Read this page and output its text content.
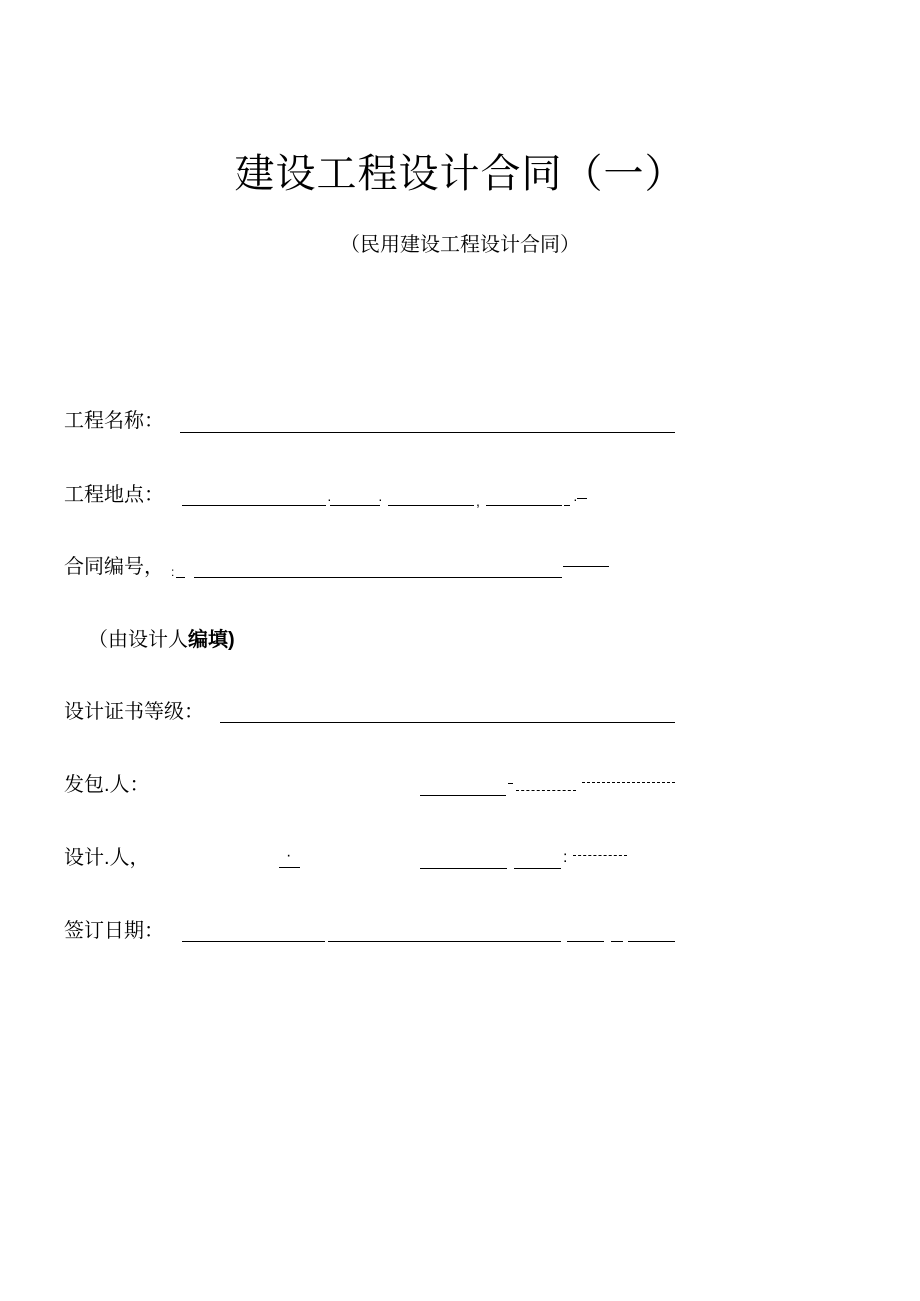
建设工程设计合同（一）
（民用建设工程设计合同）
工程名称：
工程地点：	·	·	,	·
合同编号， :
（由设计人编填)
设计证书等级：
发包.人：
设计.人，	·	:
签订日期：
